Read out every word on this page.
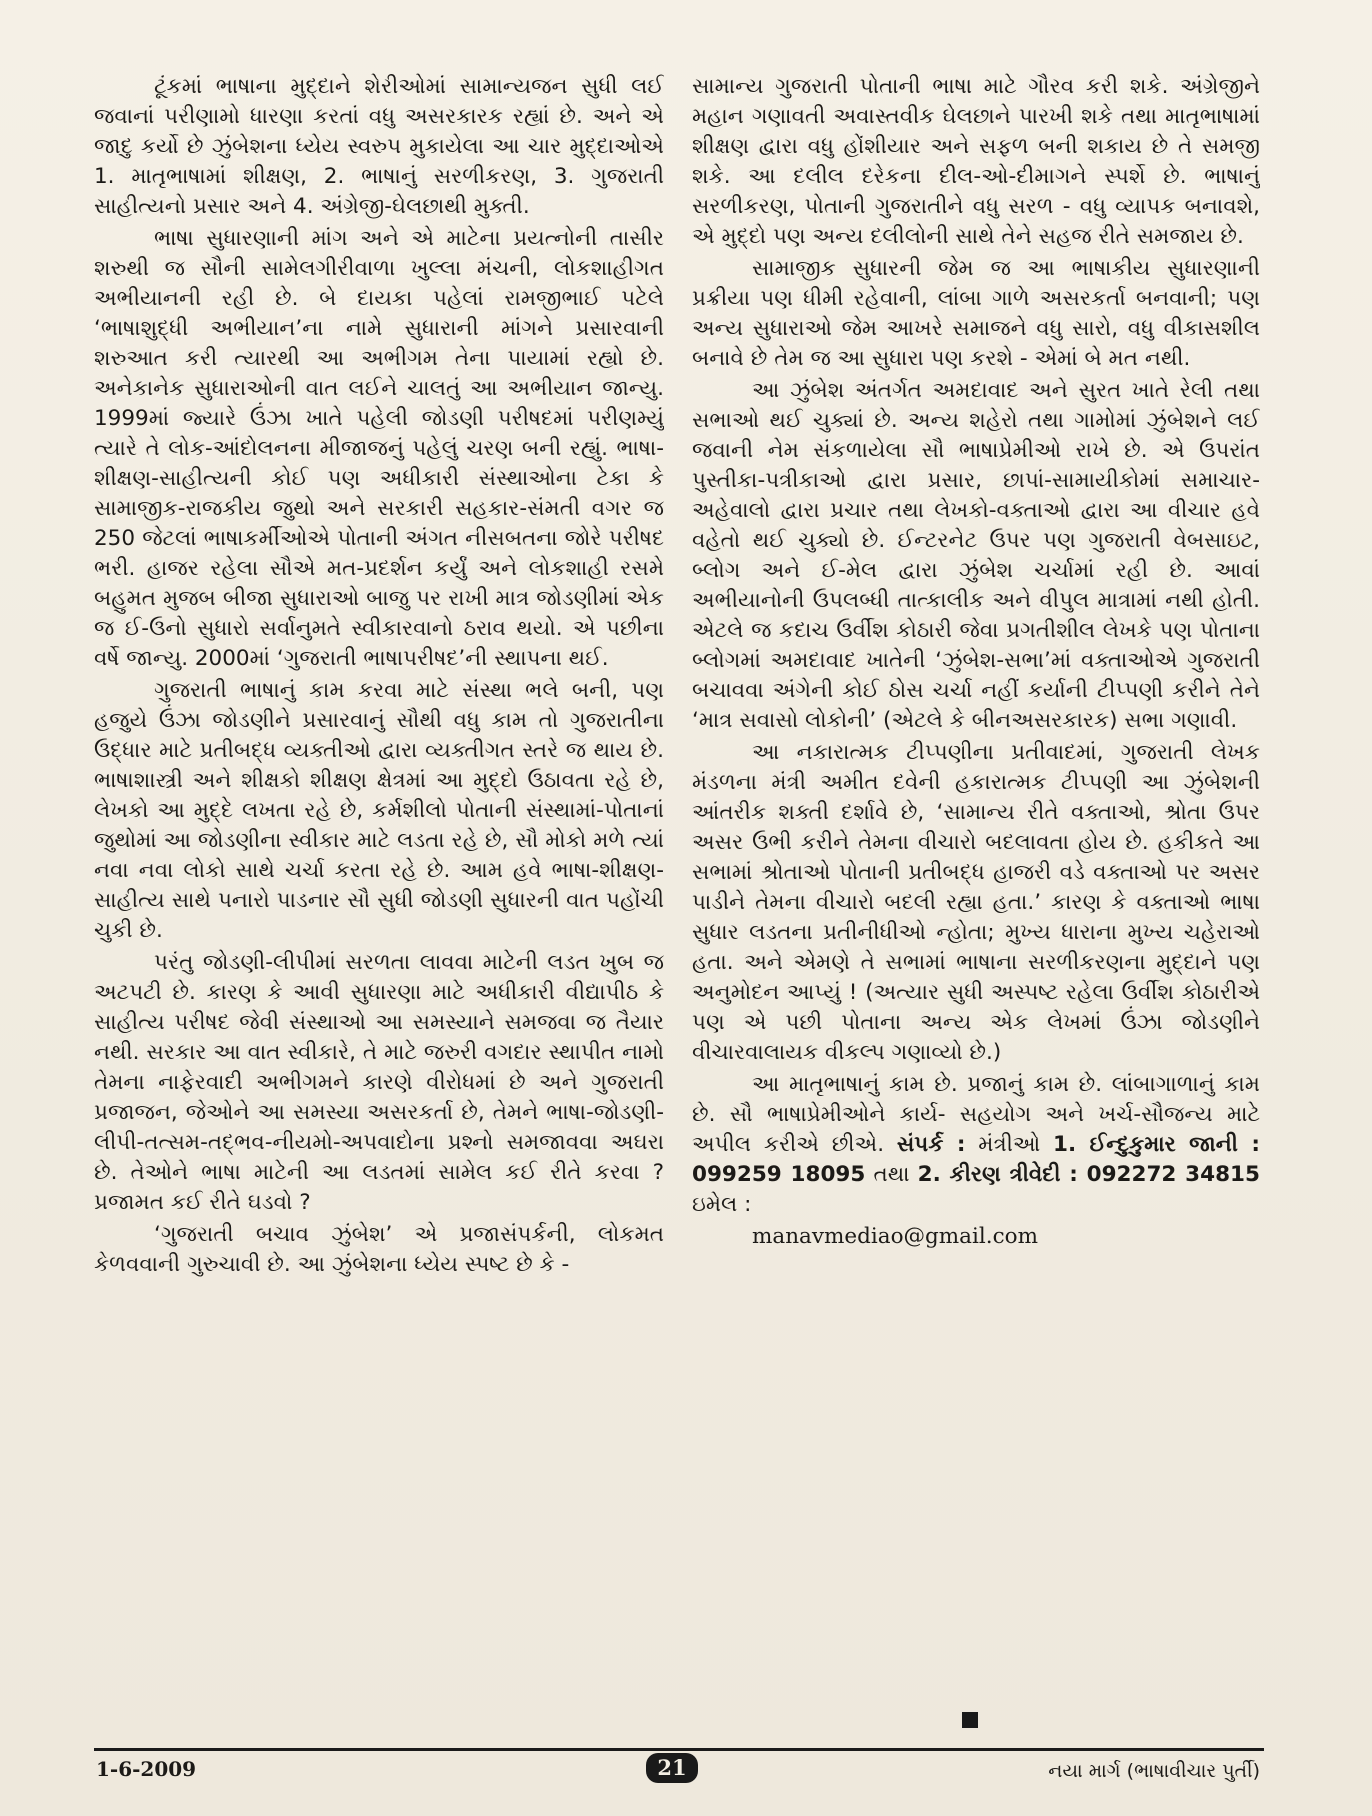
ટૂંકમાં ભાષાના મુદ્દાને શેરીઓમાં સામાન્યજન સુધી લઈ જવાનાં પરીણામો ધારણા કરતાં વધુ અસરકારક રહ્યાં છે. અને એ જાદુ કર્યો છે ઝુંબેશના ધ્યેય સ્વરુપ મુકાયેલા આ ચાર મુદ્દાઓએ 1. માતૃભાષામાં શીક્ષણ, 2. ભાષાનું સરળીકરણ, 3. ગુજરાતી સાહીત્યનો પ્રસાર અને 4. અંગ્રેજી-ઘેલછાથી મુક્તી.

ભાષા સુધારણાની માંગ અને એ માટેના પ્રયત્નોની તાસીર શરુથી જ સૌની સામેલગીરીવાળા ખુલ્લા મંચની, લોકશાહીગત અભીયાનની રહી છે. બે દાયકા પહેલાં રામજીભાઈ પટેલે ‘ભાષાશુદ્ધી અભીયાન’ના નામે સુધારાની માંગને પ્રસારવાની શરુઆત કરી ત્યારથી આ અભીગમ તેના પાયામાં રહ્યો છે. અનેકાનેક સુધારાઓની વાત લઈને ચાલતું આ અભીયાન જાન્યુ. 1999માં જ્યારે ઉંઝા ખાતે પહેલી જોડણી પરીષદમાં પરીણમ્યું ત્યારે તે લોક-આંદોલનના મીજાજનું પહેલું ચરણ બની રહ્યું. ભાષા-શીક્ષણ-સાહીત્યની કોઈ પણ અધીકારી સંસ્થાઓના ટેકા કે સામાજીક-રાજકીય જુથો અને સરકારી સહકાર-સંમતી વગર જ 250 જેટલાં ભાષાકર્મીઓએ પોતાની અંગત નીસબતના જોરે પરીષદ ભરી. હાજર રહેલા સૌએ મત-પ્રદર્શન કર્યું અને લોકશાહી રસમે બહુમત મુજબ બીજા સુધારાઓ બાજુ પર રાખી માત્ર જોડણીમાં એક જ ઈ-ઉનો સુધારો સર્વાનુમતે સ્વીકારવાનો ઠરાવ થયો. એ પછીના વર્ષે જાન્યુ. 2000માં ‘ગુજરાતી ભાષાપરીષદ’ની સ્થાપના થઈ.

ગુજરાતી ભાષાનું કામ કરવા માટે સંસ્થા ભલે બની, પણ હજુયે ઉંઝા જોડણીને પ્રસારવાનું સૌથી વધુ કામ તો ગુજરાતીના ઉદ્ધાર માટે પ્રતીબદ્ધ વ્યક્તીઓ દ્વારા વ્યક્તીગત સ્તરે જ થાય છે. ભાષાશાસ્ત્રી અને શીક્ષકો શીક્ષણ ક્ષેત્રમાં આ મુદ્દો ઉઠાવતા રહે છે, લેખકો આ મુદ્દે લખતા રહે છે, કર્મશીલો પોતાની સંસ્થામાં-પોતાનાં જુથોમાં આ જોડણીના સ્વીકાર માટે લડતા રહે છે, સૌ મોકો મળે ત્યાં નવા નવા લોકો સાથે ચર્ચા કરતા રહે છે. આમ હવે ભાષા-શીક્ષણ-સાહીત્ય સાથે પનારો પાડનાર સૌ સુધી જોડણી સુધારની વાત પહોંચી ચુકી છે.

પરંતુ જોડણી-લીપીમાં સરળતા લાવવા માટેની લડત ખુબ જ અટપટી છે. કારણ કે આવી સુધારણા માટે અધીકારી વીદ્યાપીઠ કે સાહીત્ય પરીષદ જેવી સંસ્થાઓ આ સમસ્યાને સમજવા જ તૈયાર નથી. સરકાર આ વાત સ્વીકારે, તે માટે જરુરી વગદાર સ્થાપીત નામો તેમના નાફેરવાદી અભીગમને કારણે વીરોધમાં છે અને ગુજરાતી પ્રજાજન, જેઓને આ સમસ્યા અસરકર્તા છે, તેમને ભાષા-જોડણી-લીપી-તત્સમ-તદ્ભવ-નીયમો-અપવાદોના પ્રશ્નો સમજાવવા અઘરા છે. તેઓને ભાષા માટેની આ લડતમાં સામેલ કઈ રીતે કરવા ? પ્રજામત કઈ રીતે ઘડવો ?

‘ગુજરાતી બચાવ ઝુંબેશ’ એ પ્રજાસંપર્કની, લોકમત કેળવવાની ગુરુચાવી છે. આ ઝુંબેશના ધ્યેય સ્પષ્ટ છે કે -

સામાન્ય ગુજરાતી પોતાની ભાષા માટે ગૌરવ કરી શકે. અંગ્રેજીને મહાન ગણાવતી અવાસ્તવીક ઘેલછાને પારખી શકે તથા માતૃભાષામાં શીક્ષણ દ્વારા વધુ હોંશીયાર અને સફળ બની શકાય છે તે સમજી શકે. આ દલીલ દરેકના દીલ-ઓ-દીમાગને સ્પર્શે છે. ભાષાનું સરળીકરણ, પોતાની ગુજરાતીને વધુ સરળ - વધુ વ્યાપક બનાવશે, એ મુદ્દો પણ અન્ય દલીલોની સાથે તેને સહજ રીતે સમજાય છે.

સામાજીક સુધારની જેમ જ આ ભાષાકીય સુધારણાની પ્રક્રીયા પણ ધીમી રહેવાની, લાંબા ગાળે અસરકર્તા બનવાની; પણ અન્ય સુધારાઓ જેમ આખરે સમાજને વધુ સારો, વધુ વીકાસશીલ બનાવે છે તેમ જ આ સુધારા પણ કરશે - એમાં બે મત નથી.

આ ઝુંબેશ અંતર્ગત અમદાવાદ અને સુરત ખાતે રેલી તથા સભાઓ થઈ ચુક્યાં છે. અન્ય શહેરો તથા ગામોમાં ઝુંબેશને લઈ જવાની નેમ સંકળાયેલા સૌ ભાષાપ્રેમીઓ રાખે છે. એ ઉપરાંત પુસ્તીકા-પત્રીકાઓ દ્વારા પ્રસાર, છાપાં-સામાયીકોમાં સમાચાર-અહેવાલો દ્વારા પ્રચાર તથા લેખકો-વક્તાઓ દ્વારા આ વીચાર હવે વહેતો થઈ ચુક્યો છે. ઈન્ટરનેટ ઉપર પણ ગુજરાતી વેબસાઇટ, બ્લોગ અને ઈ-મેલ દ્વારા ઝુંબેશ ચર્ચામાં રહી છે. આવાં અભીયાનોની ઉપલબ્ધી તાત્કાલીક અને વીપુલ માત્રામાં નથી હોતી. એટલે જ કદાચ ઉર્વીશ કોઠારી જેવા પ્રગતીશીલ લેખકે પણ પોતાના બ્લોગમાં અમદાવાદ ખાતેની ‘ઝુંબેશ-સભા’માં વક્તાઓએ ગુજરાતી બચાવવા અંગેની કોઈ ઠોસ ચર્ચા નહીં કર્યાની ટીપ્પણી કરીને તેને ‘માત્ર સવાસો લોકોની’ (એટલે કે બીનઅસરકારક) સભા ગણાવી.

આ નકારાત્મક ટીપ્પણીના પ્રતીવાદમાં, ગુજરાતી લેખક મંડળના મંત્રી અમીત દવેની હકારાત્મક ટીપ્પણી આ ઝુંબેશની આંતરીક શક્તી દર્શાવે છે, ‘સામાન્ય રીતે વક્તાઓ, શ્રોતા ઉપર અસર ઉભી કરીને તેમના વીચારો બદલાવતા હોય છે. હકીકતે આ સભામાં શ્રોતાઓ પોતાની પ્રતીબદ્ધ હાજરી વડે વક્તાઓ પર અસર પાડીને તેમના વીચારો બદલી રહ્યા હતા.’ કારણ કે વક્તાઓ ભાષા સુધાર લડતના પ્રતીનીધીઓ ન્હોતા; મુખ્ય ધારાના મુખ્ય ચહેરાઓ હતા. અને એમણે તે સભામાં ભાષાના સરળીકરણના મુદ્દાને પણ અનુમોદન આપ્યું ! (અત્યાર સુધી અસ્પષ્ટ રહેલા ઉર્વીશ કોઠારીએ પણ એ પછી પોતાના અન્ય એક લેખમાં ઉંઝા જોડણીને વીચારવાલાયક વીકલ્પ ગણાવ્યો છે.)

આ માતૃભાષાનું કામ છે. પ્રજાનું કામ છે. લાંબાગાળાનું કામ છે. સૌ ભાષાપ્રેમીઓને કાર્ય- સહયોગ અને ખર્ચ-સૌજન્ય માટે અપીલ કરીએ છીએ. સંપર્ક : મંત્રીઓ 1. ઈન્દુકુમાર જાની : 099259 18095 તથા 2. કીરણ ત્રીવેદી : 092272 34815 ઇમેલ :

manavmediao@gmail.com

1-6-2009	21	નયા માર્ગ (ભાષાવીચાર પુર્તી)
